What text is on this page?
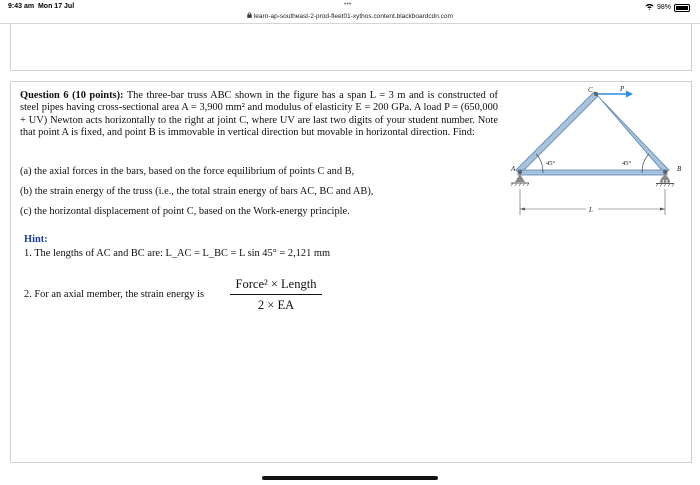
9:43 am Mon 17 Jul	•••	98%
learn-ap-southeast-2-prod-fleet01-xythos.content.blackboardcdn.com
Question 6 (10 points): The three-bar truss ABC shown in the figure has a span L = 3 m and is constructed of steel pipes having cross-sectional area A = 3,900 mm² and modulus of elasticity E = 200 GPa. A load P = (650,000 + UV) Newton acts horizontally to the right at joint C, where UV are last two digits of your student number. Note that point A is fixed, and point B is immovable in vertical direction but movable in horizontal direction. Find:
(a) the axial forces in the bars, based on the force equilibrium of points C and B,
(b) the strain energy of the truss (i.e., the total strain energy of bars AC, BC and AB),
(c) the horizontal displacement of point C, based on the Work-energy principle.
Hint:
1. The lengths of AC and BC are: L_AC = L_BC = L sin 45° = 2,121 mm
2. For an axial member, the strain energy is
Force² × Length
2 × EA
A	B
C	P
45°	45°
L
